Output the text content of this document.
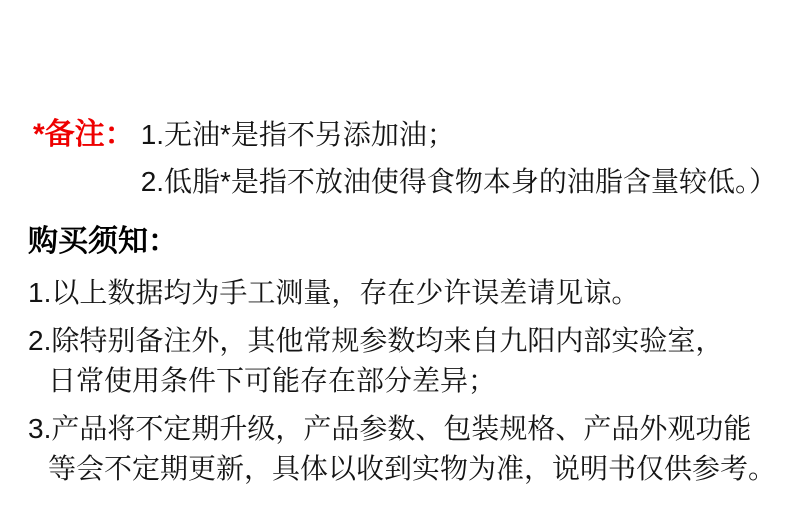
*备注： 1.无油*是指不另添加油；
2.低脂*是指不放油使得食物本身的油脂含量较低。）
购买须知：
1.以上数据均为手工测量，存在少许误差请见谅。
2.除特别备注外，其他常规参数均来自九阳内部实验室，
日常使用条件下可能存在部分差异；
3.产品将不定期升级，产品参数、包装规格、产品外观功能
等会不定期更新，具体以收到实物为准，说明书仅供参考。
